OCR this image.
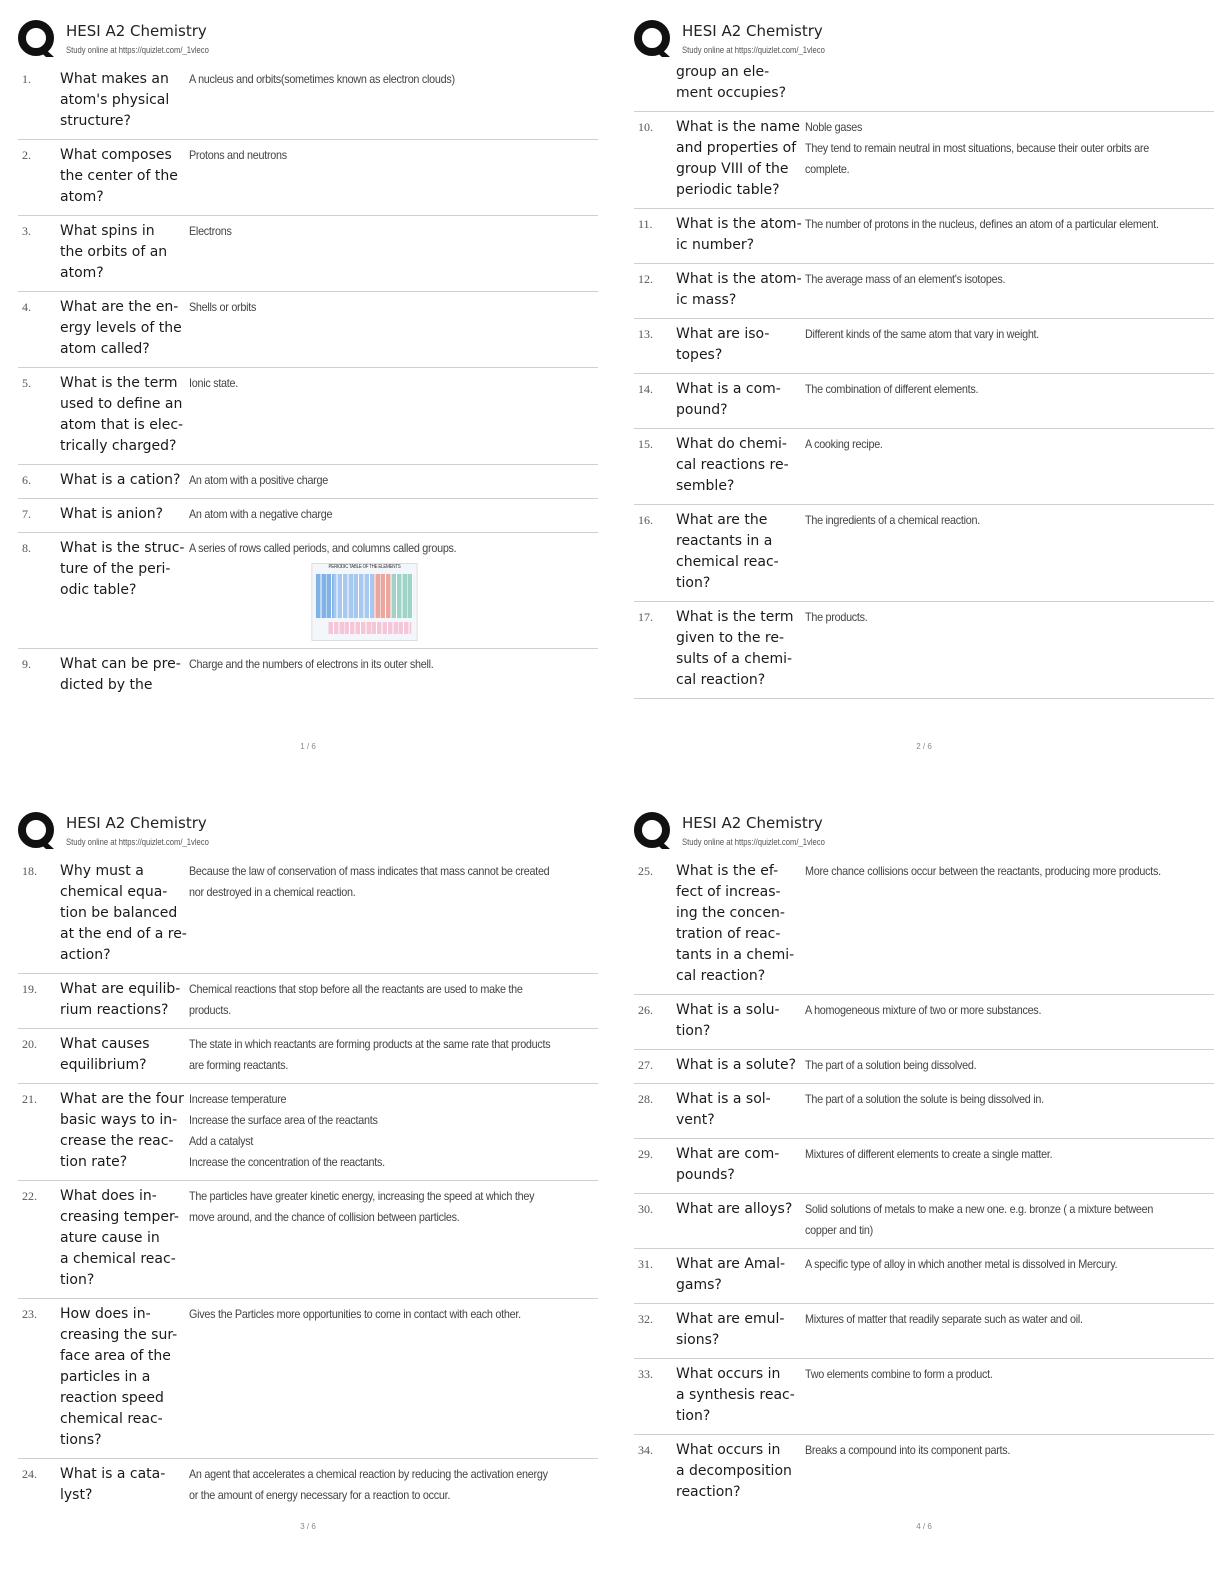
HESI A2 Chemistry
Study online at https://quizlet.com/_1vleco
1.	What makes an
atom's physical
structure?
A nucleus and orbits(sometimes known as electron clouds)
2.	What composes
the center of the
atom?
Protons and neutrons
3.	What spins in
the orbits of an
atom?
Electrons
4.	What are the en-
ergy levels of the
atom called?
Shells or orbits
5.	What is the term
used to define an
atom that is elec-
trically charged?
Ionic state.
6.	What is a cation? An atom with a positive charge
7.	What is anion?	An atom with a negative charge
8.	What is the struc-
ture of the peri-
odic table?
A series of rows called periods, and columns called groups.
PERIODIC TABLE OF THE ELEMENTS
9.	What can be pre-
dicted by the
Charge and the numbers of electrons in its outer shell.
1 / 6
HESI A2 Chemistry
Study online at https://quizlet.com/_1vleco
group an ele-
ment occupies?
10.	What is the name
and properties of
group VIII of the
periodic table?
Noble gases
They tend to remain neutral in most situations, because their outer orbits are complete.
11.	What is the atom-
ic number?
The number of protons in the nucleus, defines an atom of a particular element.
12.	What is the atom-
ic mass?
The average mass of an element's isotopes.
13.	What are iso-
topes?
Different kinds of the same atom that vary in weight.
14.	What is a com-
pound?
The combination of different elements.
15.	What do chemi-
cal reactions re-
semble?
A cooking recipe.
16.	What are the
reactants in a
chemical reac-
tion?
The ingredients of a chemical reaction.
17.	What is the term
given to the re-
sults of a chemi-
cal reaction?
The products.
2 / 6
HESI A2 Chemistry
Study online at https://quizlet.com/_1vleco
18.	Why must a
chemical equa-
tion be balanced
at the end of a re-
action?
Because the law of conservation of mass indicates that mass cannot be created nor destroyed in a chemical reaction.
19.	What are equilib-
rium reactions?
Chemical reactions that stop before all the reactants are used to make the products.
20.	What causes
equilibrium?
The state in which reactants are forming products at the same rate that products are forming reactants.
21.	What are the four
basic ways to in-
crease the reac-
tion rate?
Increase temperature
Increase the surface area of the reactants
Add a catalyst
Increase the concentration of the reactants.
22.	What does in-
creasing temper-
ature cause in
a chemical reac-
tion?
The particles have greater kinetic energy, increasing the speed at which they move around, and the chance of collision between particles.
23.	How does in-
creasing the sur-
face area of the
particles in a
reaction speed
chemical reac-
tions?
Gives the Particles more opportunities to come in contact with each other.
24.	What is a cata-
lyst?
An agent that accelerates a chemical reaction by reducing the activation energy or the amount of energy necessary for a reaction to occur.
3 / 6
HESI A2 Chemistry
Study online at https://quizlet.com/_1vleco
25.	What is the ef-
fect of increas-
ing the concen-
tration of reac-
tants in a chemi-
cal reaction?
More chance collisions occur between the reactants, producing more products.
26.	What is a solu-
tion?
A homogeneous mixture of two or more substances.
27.	What is a solute? The part of a solution being dissolved.
28.	What is a sol-
vent?
The part of a solution the solute is being dissolved in.
29.	What are com-
pounds?
Mixtures of different elements to create a single matter.
30.	What are alloys?	Solid solutions of metals to make a new one. e.g. bronze ( a mixture between copper and tin)
31.	What are Amal-
gams?
A specific type of alloy in which another metal is dissolved in Mercury.
32.	What are emul-
sions?
Mixtures of matter that readily separate such as water and oil.
33.	What occurs in
a synthesis reac-
tion?
Two elements combine to form a product.
34.	What occurs in
a decomposition
reaction?
Breaks a compound into its component parts.
4 / 6
